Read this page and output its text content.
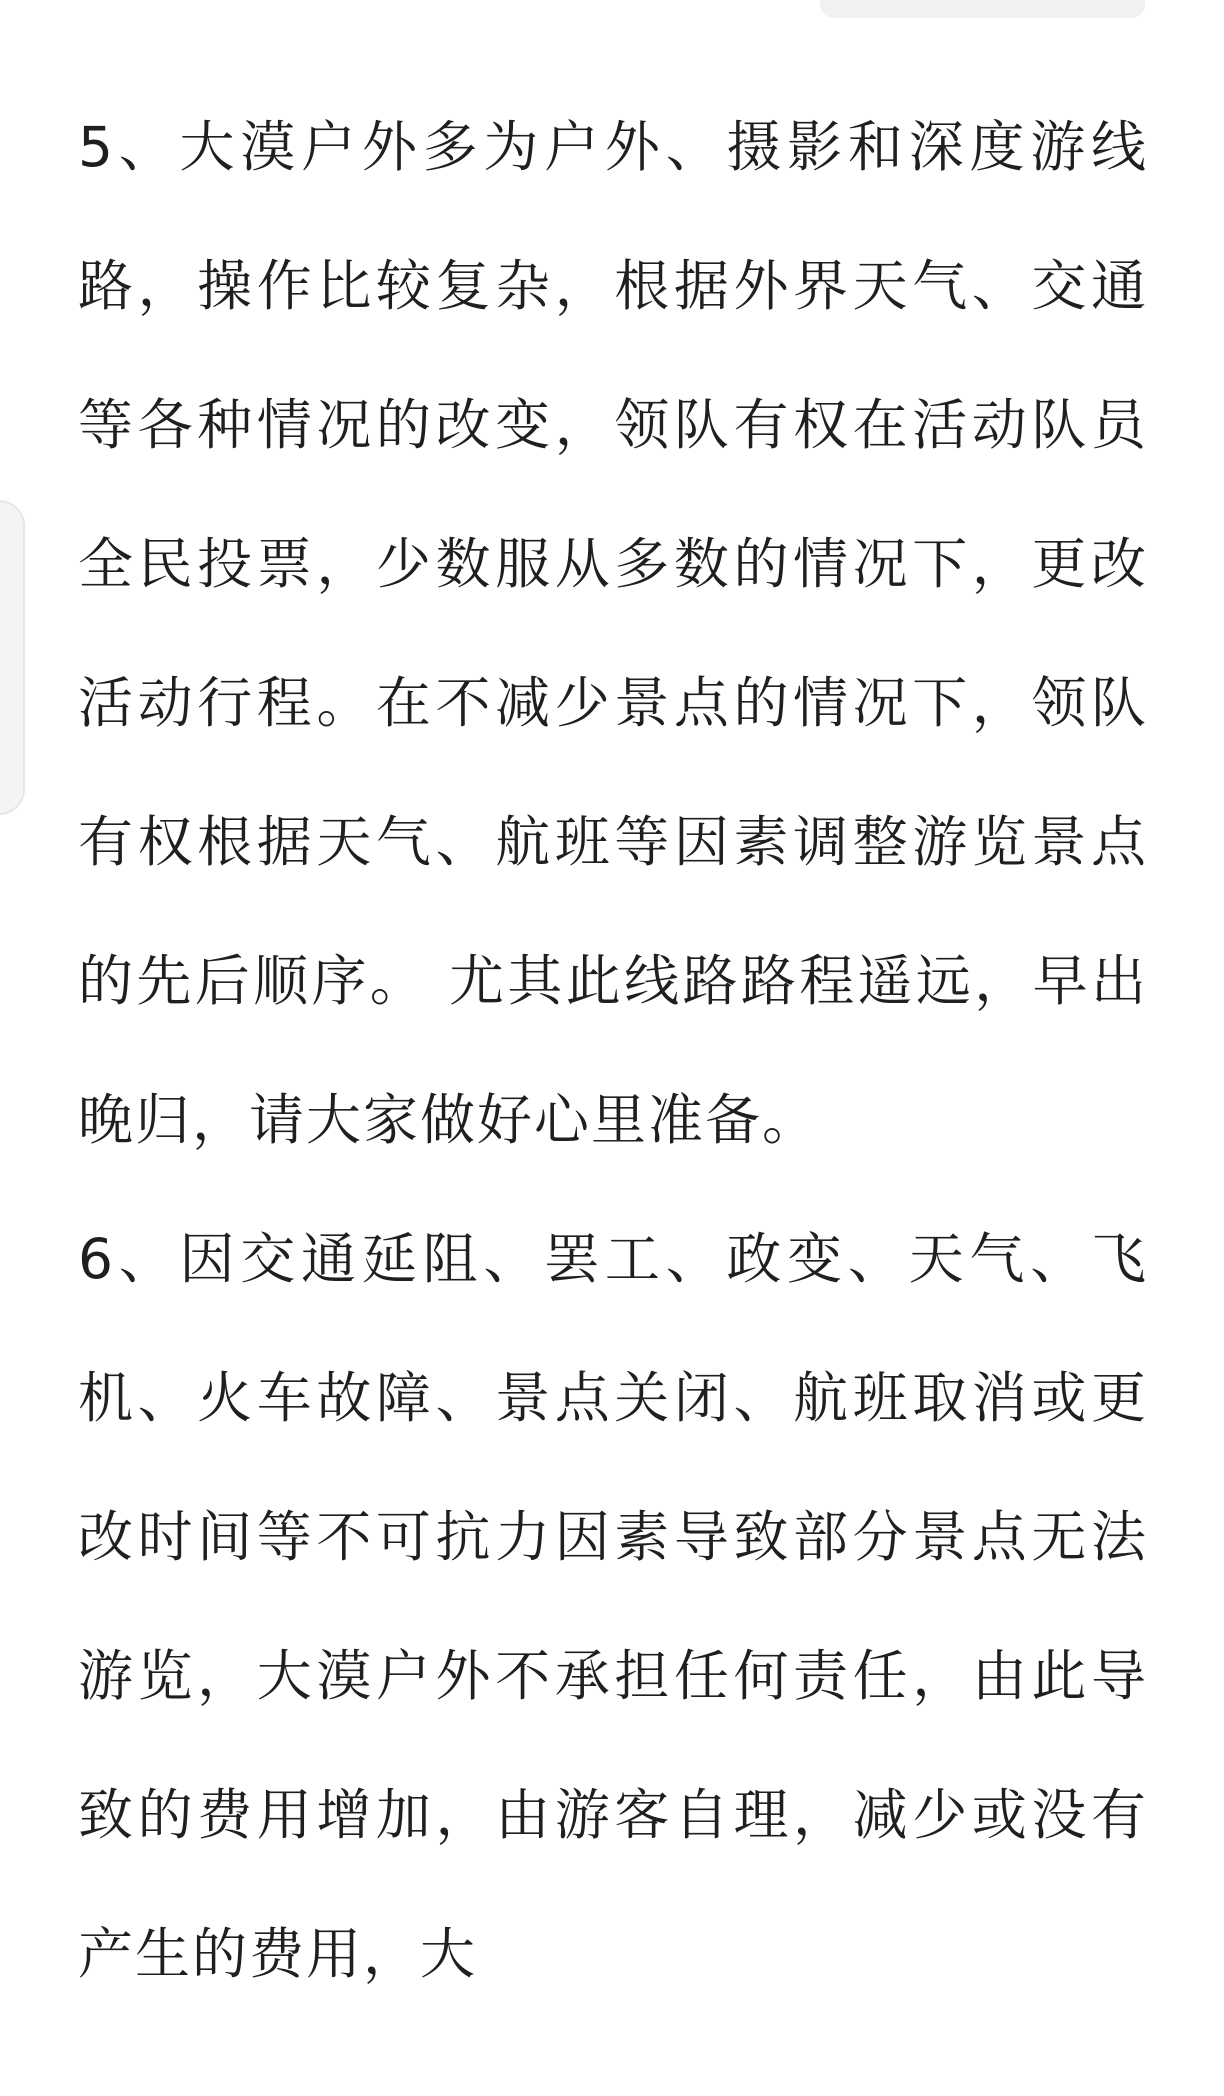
5、大漠户外多为户外、摄影和深度游线路，操作比较复杂，根据外界天气、交通等各种情况的改变，领队有权在活动队员全民投票，少数服从多数的情况下，更改活动行程。在不减少景点的情况下，领队有权根据天气、航班等因素调整游览景点的先后顺序。 尤其此线路路程遥远，早出晚归，请大家做好心里准备。

6、因交通延阻、罢工、政变、天气、飞机、火车故障、景点关闭、航班取消或更改时间等不可抗力因素导致部分景点无法游览，大漠户外不承担任何责任，由此导致的费用增加，由游客自理，减少或没有产生的费用，大
